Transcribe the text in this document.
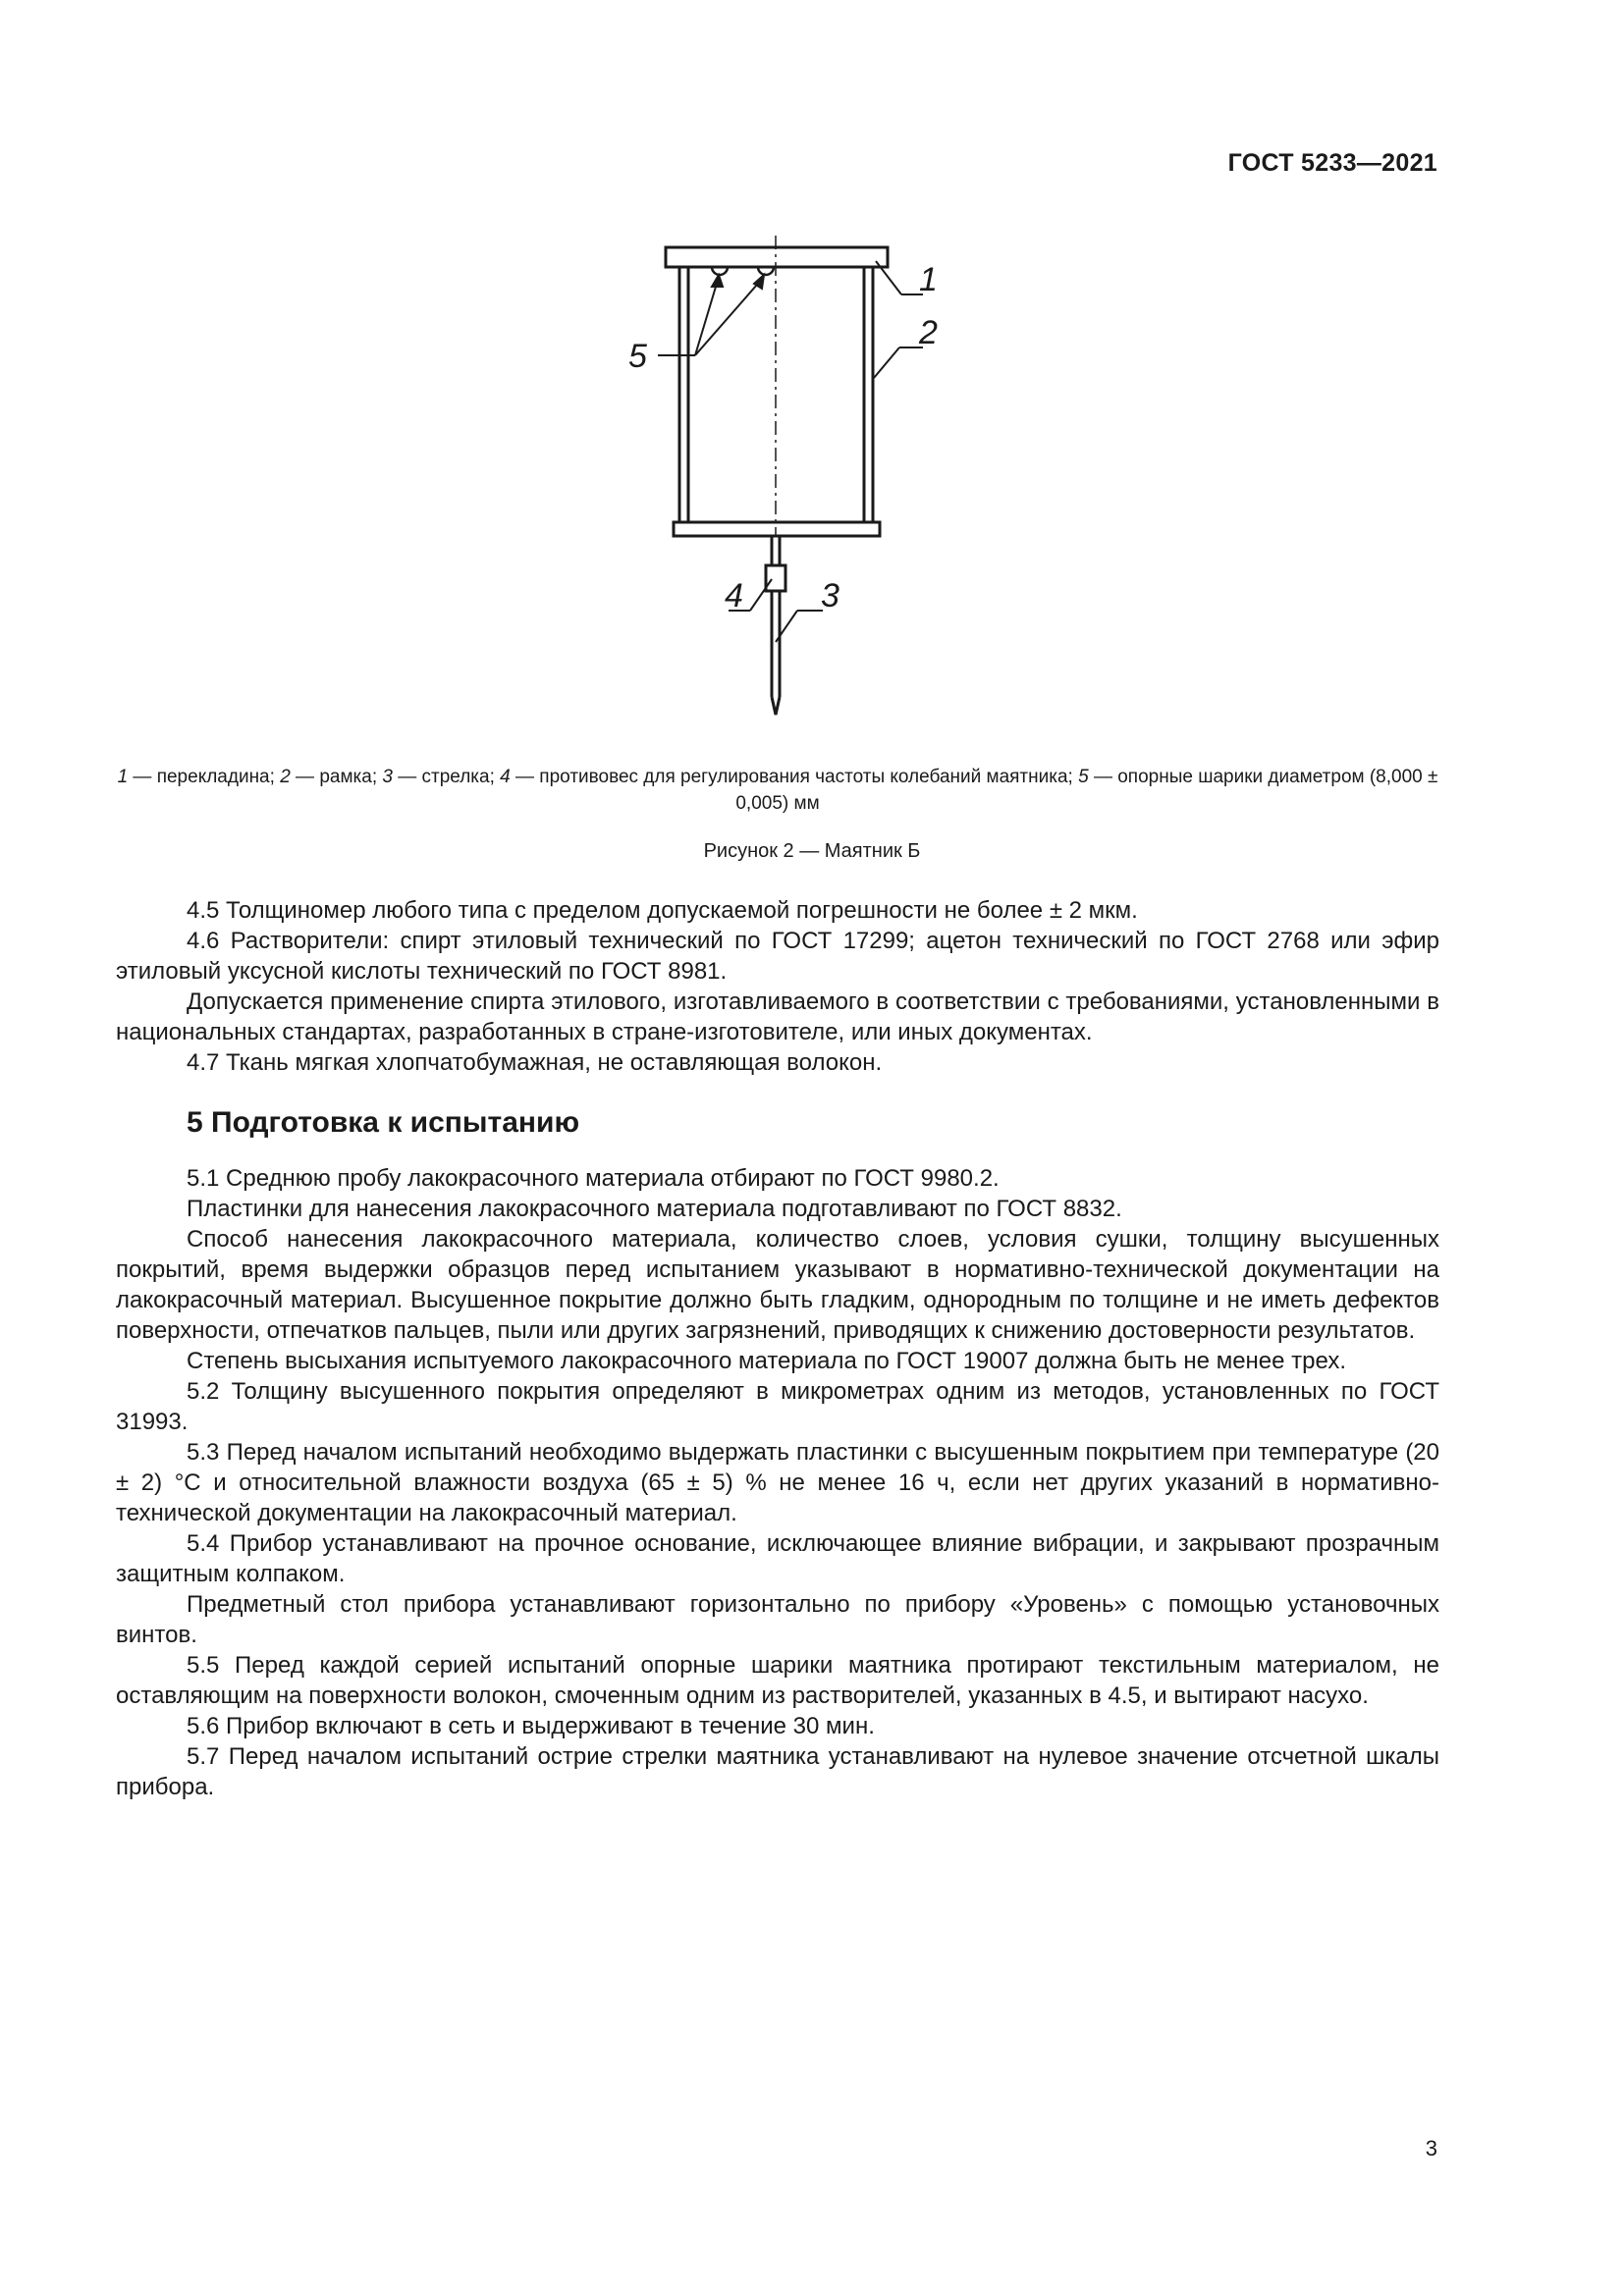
ГОСТ 5233—2021
1
2
3
4
5
1 — перекладина; 2 — рамка; 3 — стрелка; 4 — противовес для регулирования частоты колебаний маятника; 5 — опорные шарики диаметром (8,000 ± 0,005) мм
Рисунок 2 — Маятник Б

4.5 Толщиномер любого типа с пределом допускаемой погрешности не более ± 2 мкм.

4.6 Растворители: спирт этиловый технический по ГОСТ 17299; ацетон технический по ГОСТ 2768 или эфир этиловый уксусной кислоты технический по ГОСТ 8981.

Допускается применение спирта этилового, изготавливаемого в соответствии с требованиями, установленными в национальных стандартах, разработанных в стране-изготовителе, или иных документах.

4.7 Ткань мягкая хлопчатобумажная, не оставляющая волокон.

5 Подготовка к испытанию

5.1 Среднюю пробу лакокрасочного материала отбирают по ГОСТ 9980.2.

Пластинки для нанесения лакокрасочного материала подготавливают по ГОСТ 8832.

Способ нанесения лакокрасочного материала, количество слоев, условия сушки, толщину высушенных покрытий, время выдержки образцов перед испытанием указывают в нормативно-технической документации на лакокрасочный материал. Высушенное покрытие должно быть гладким, однородным по толщине и не иметь дефектов поверхности, отпечатков пальцев, пыли или других загрязнений, приводящих к снижению достоверности результатов.

Степень высыхания испытуемого лакокрасочного материала по ГОСТ 19007 должна быть не менее трех.

5.2 Толщину высушенного покрытия определяют в микрометрах одним из методов, установленных по ГОСТ 31993.

5.3 Перед началом испытаний необходимо выдержать пластинки с высушенным покрытием при температуре (20 ± 2) °С и относительной влажности воздуха (65 ± 5) % не менее 16 ч, если нет других указаний в нормативно-технической документации на лакокрасочный материал.

5.4 Прибор устанавливают на прочное основание, исключающее влияние вибрации, и закрывают прозрачным защитным колпаком.

Предметный стол прибора устанавливают горизонтально по прибору «Уровень» с помощью установочных винтов.

5.5 Перед каждой серией испытаний опорные шарики маятника протирают текстильным материалом, не оставляющим на поверхности волокон, смоченным одним из растворителей, указанных в 4.5, и вытирают насухо.

5.6 Прибор включают в сеть и выдерживают в течение 30 мин.

5.7 Перед началом испытаний острие стрелки маятника устанавливают на нулевое значение отсчетной шкалы прибора.

3
